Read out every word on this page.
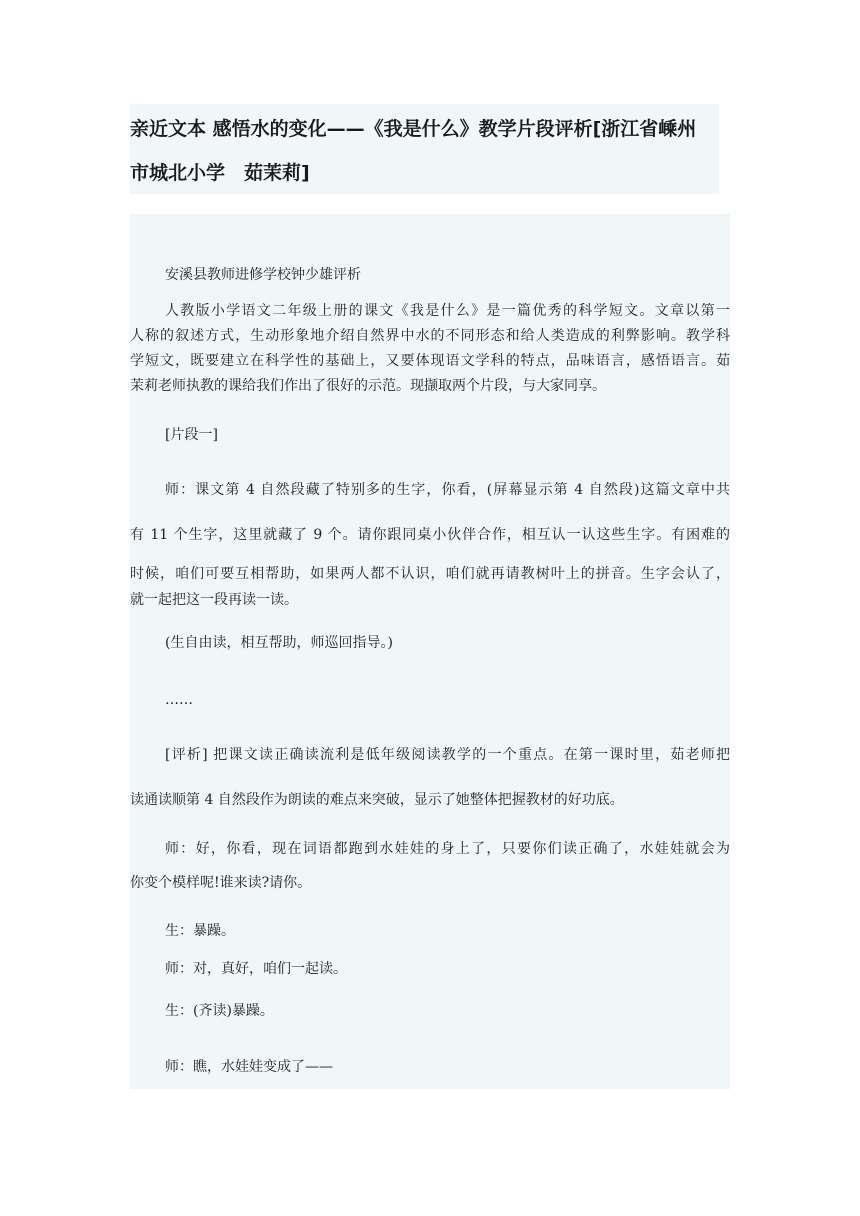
亲近文本 感悟水的变化——《我是什么》教学片段评析[浙江省嵊州
市城北小学　茹茉莉]
安溪县教师进修学校钟少雄评析
人教版小学语文二年级上册的课文《我是什么》是一篇优秀的科学短文。文章以第一
人称的叙述方式，生动形象地介绍自然界中水的不同形态和给人类造成的利弊影响。教学科
学短文，既要建立在科学性的基础上，又要体现语文学科的特点，品味语言，感悟语言。茹
茉莉老师执教的课给我们作出了很好的示范。现撷取两个片段，与大家同享。
[片段一]
师：课文第 4 自然段藏了特别多的生字，你看，(屏幕显示第 4 自然段)这篇文章中共
有 11 个生字，这里就藏了 9 个。请你跟同桌小伙伴合作，相互认一认这些生字。有困难的
时候，咱们可要互相帮助，如果两人都不认识，咱们就再请教树叶上的拼音。生字会认了，
就一起把这一段再读一读。
(生自由读，相互帮助，师巡回指导。)
……
[评析] 把课文读正确读流利是低年级阅读教学的一个重点。在第一课时里，茹老师把
读通读顺第 4 自然段作为朗读的难点来突破，显示了她整体把握教材的好功底。
师：好，你看，现在词语都跑到水娃娃的身上了，只要你们读正确了，水娃娃就会为
你变个模样呢!谁来读?请你。
生：暴躁。
师：对，真好，咱们一起读。
生：(齐读)暴躁。
师：瞧，水娃娃变成了——
